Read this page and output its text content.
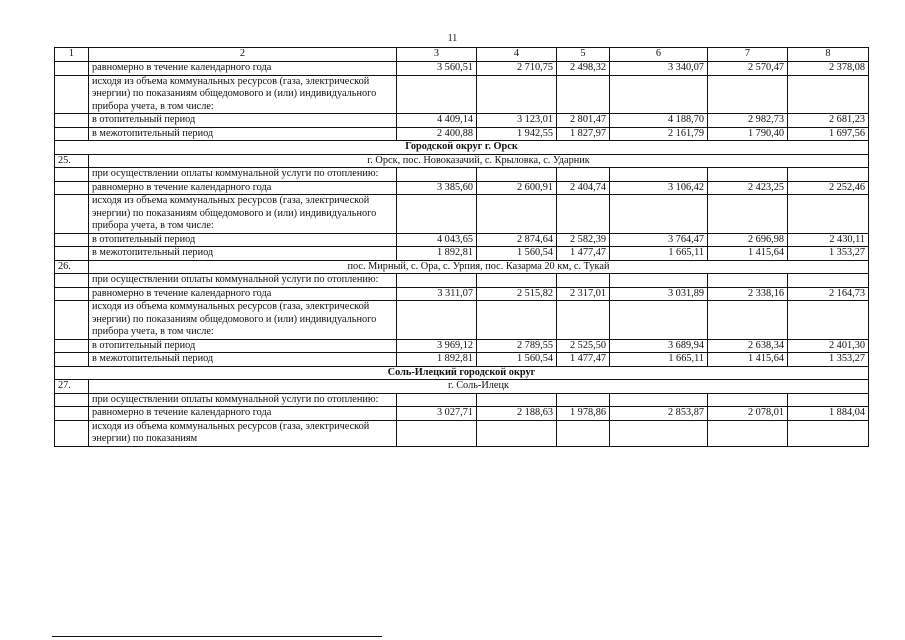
11
1	2	3	4	5	6	7	8
	равномерно в течение календарного года	3 560,51	2 710,75	2 498,32	3 340,07	2 570,47	2 378,08
	исходя из объема коммунальных ресурсов (газа, электрической энергии) по показаниям общедомового и (или) индивидуального прибора учета, в том числе:						
	в отопительный период	4 409,14	3 123,01	2 801,47	4 188,70	2 982,73	2 681,23
	в межотопительный период	2 400,88	1 942,55	1 827,97	2 161,79	1 790,40	1 697,56
Городской округ г. Орск							
25.	г. Орск, пос. Новоказачий, с. Крыловка, с. Ударник						
	при осуществлении оплаты коммунальной услуги по отоплению:						
	равномерно в течение календарного года	3 385,60	2 600,91	2 404,74	3 106,42	2 423,25	2 252,46
	исходя из объема коммунальных ресурсов (газа, электрической энергии) по показаниям общедомового и (или) индивидуального прибора учета, в том числе:						
	в отопительный период	4 043,65	2 874,64	2 582,39	3 764,47	2 696,98	2 430,11
	в межотопительный период	1 892,81	1 560,54	1 477,47	1 665,11	1 415,64	1 353,27
26.	пос. Мирный, с. Ора, с. Урпия, пос. Казарма 20 км, с. Тукай						
	при осуществлении оплаты коммунальной услуги по отоплению:						
	равномерно в течение календарного года	3 311,07	2 515,82	2 317,01	3 031,89	2 338,16	2 164,73
	исходя из объема коммунальных ресурсов (газа, электрической энергии) по показаниям общедомового и (или) индивидуального прибора учета, в том числе:						
	в отопительный период	3 969,12	2 789,55	2 525,50	3 689,94	2 638,34	2 401,30
	в межотопительный период	1 892,81	1 560,54	1 477,47	1 665,11	1 415,64	1 353,27
Соль-Илецкий городской округ							
27.	г. Соль-Илецк						
	при осуществлении оплаты коммунальной услуги по отоплению:						
	равномерно в течение календарного года	3 027,71	2 188,63	1 978,86	2 853,87	2 078,01	1 884,04
	исходя из объема коммунальных ресурсов (газа, электрической энергии) по показаниям						
